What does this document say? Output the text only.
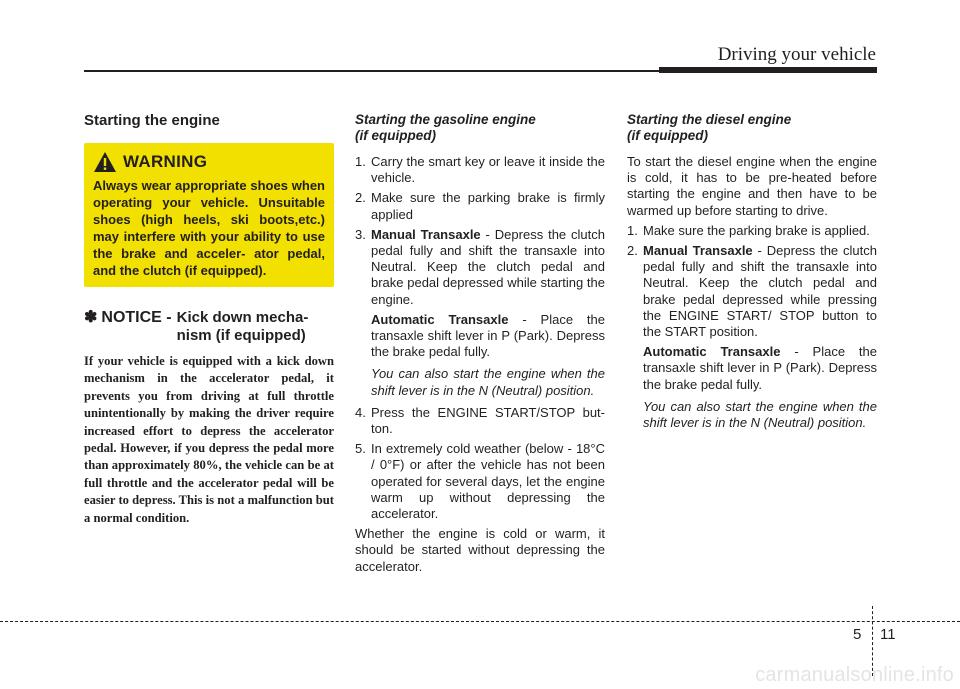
Driving your vehicle
Starting the engine
WARNING
Always wear appropriate shoes when operating your vehicle. Unsuitable shoes (high heels, ski boots,etc.) may interfere with your ability to use the brake and acceler- ator pedal, and the clutch (if equipped).
✽ NOTICE - Kick down mecha- nism (if equipped)
If your vehicle is equipped with a kick down mechanism in the accelerator pedal, it prevents you from driving at full throttle unintentionally by making the driver require increased effort to depress the accelerator pedal. However, if you depress the pedal more than approximately 80%, the vehicle can be at full throttle and the accelerator pedal will be easier to depress. This is not a malfunction but a normal condition.
Starting the gasoline engine
(if equipped)
1. Carry the smart key or leave it inside the vehicle.
2. Make sure the parking brake is firmly applied
3. Manual Transaxle - Depress the clutch pedal fully and shift the transaxle into Neutral. Keep the clutch pedal and brake pedal depressed while starting the engine.
Automatic Transaxle - Place the transaxle shift lever in P (Park). Depress the brake pedal fully.
You can also start the engine when the shift lever is in the N (Neutral) position.
4. Press the ENGINE START/STOP but- ton.
5. In extremely cold weather (below - 18°C / 0°F) or after the vehicle has not been operated for several days, let the engine warm up without depressing the accelerator.
Whether the engine is cold or warm, it should be started without depressing the accelerator.
Starting the diesel engine
(if equipped)
To start the diesel engine when the engine is cold, it has to be pre-heated before starting the engine and then have to be warmed up before starting to drive.
1. Make sure the parking brake is applied.
2. Manual Transaxle - Depress the clutch pedal fully and shift the transaxle into Neutral. Keep the clutch pedal and brake pedal depressed while pressing the ENGINE START/ STOP button to the START position.
Automatic Transaxle - Place the transaxle shift lever in P (Park). Depress the brake pedal fully.
You can also start the engine when the shift lever is in the N (Neutral) position.
5 11
carmanualsonline.info
